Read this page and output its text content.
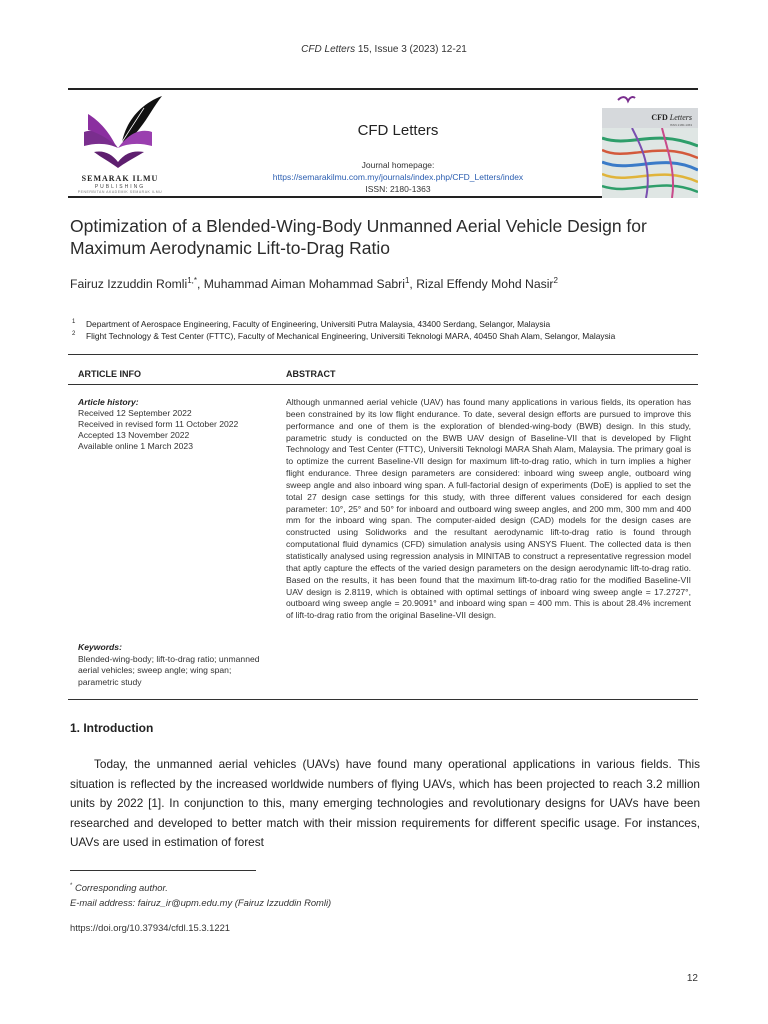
CFD Letters 15, Issue 3 (2023) 12-21
SEMARAK ILMU
PUBLISHING
PENERBITAN AKADEMIK SEMARAK ILMU
CFD Letters
Journal homepage:
https://semarakilmu.com.my/journals/index.php/CFD_Letters/index
ISSN: 2180-1363
CFD Letters
ISSN 2180-1363
Optimization of a Blended-Wing-Body Unmanned Aerial Vehicle Design for Maximum Aerodynamic Lift-to-Drag Ratio
Fairuz Izzuddin Romli$^{1,*}$, Muhammad Aiman Mohammad Sabri$^1$, Rizal Effendy Mohd Nasir$^2$
1 Department of Aerospace Engineering, Faculty of Engineering, Universiti Putra Malaysia, 43400 Serdang, Selangor, Malaysia
2 Flight Technology & Test Center (FTTC), Faculty of Mechanical Engineering, Universiti Teknologi MARA, 40450 Shah Alam, Selangor, Malaysia
ARTICLE INFO	ABSTRACT
Article history:
Received 12 September 2022
Received in revised form 11 October 2022
Accepted 13 November 2022
Available online 1 March 2023
Keywords:
Blended-wing-body; lift-to-drag ratio; unmanned aerial vehicles; sweep angle; wing span; parametric study
Although unmanned aerial vehicle (UAV) has found many applications in various fields, its operation has been constrained by its low flight endurance. To date, several design efforts are pursued to improve this performance and one of them is the exploration of blended-wing-body (BWB) design. In this study, parametric study is conducted on the BWB UAV design of Baseline-VII that is developed by Flight Technology and Test Center (FTTC), Universiti Teknologi MARA Shah Alam, Malaysia. The primary goal is to optimize the current Baseline-VII design for maximum lift-to-drag ratio, which in turn implies a higher flight endurance. Three design parameters are considered: inboard wing sweep angle, outboard wing sweep angle and also inboard wing span. A full-factorial design of experiments (DoE) is applied to set the total 27 design case settings for this study, with three different values considered for each design parameter: 10°, 25° and 50° for inboard and outboard wing sweep angles, and 200 mm, 300 mm and 400 mm for the inboard wing span. The computer-aided design (CAD) models for the design cases are constructed using Solidworks and the resultant aerodynamic lift-to-drag ratio is found through computational fluid dynamics (CFD) simulation analysis using ANSYS Fluent. The collected data is then statistically analysed using regression analysis in MINITAB to construct a representative regression model that aptly capture the effects of the varied design parameters on the design aerodynamic lift-to-drag ratio. Based on the results, it has been found that the maximum lift-to-drag ratio for the modified Baseline-VII UAV design is 2.8119, which is obtained with optimal settings of inboard wing sweep angle = 17.2727°, outboard wing sweep angle = 20.9091° and inboard wing span = 400 mm. This is about 28.4% increment of lift-to-drag ratio from the original Baseline-VII design.
1. Introduction
Today, the unmanned aerial vehicles (UAVs) have found many operational applications in various fields. This situation is reflected by the increased worldwide numbers of flying UAVs, which has been projected to reach 3.2 million units by 2022 [1]. In conjunction to this, many emerging technologies and revolutionary designs for UAVs have been researched and developed to better match with their mission requirements for different specific usage. For instances, UAVs are used in estimation of forest
* Corresponding author.
E-mail address: fairuz_ir@upm.edu.my (Fairuz Izzuddin Romli)
https://doi.org/10.37934/cfdl.15.3.1221
12
